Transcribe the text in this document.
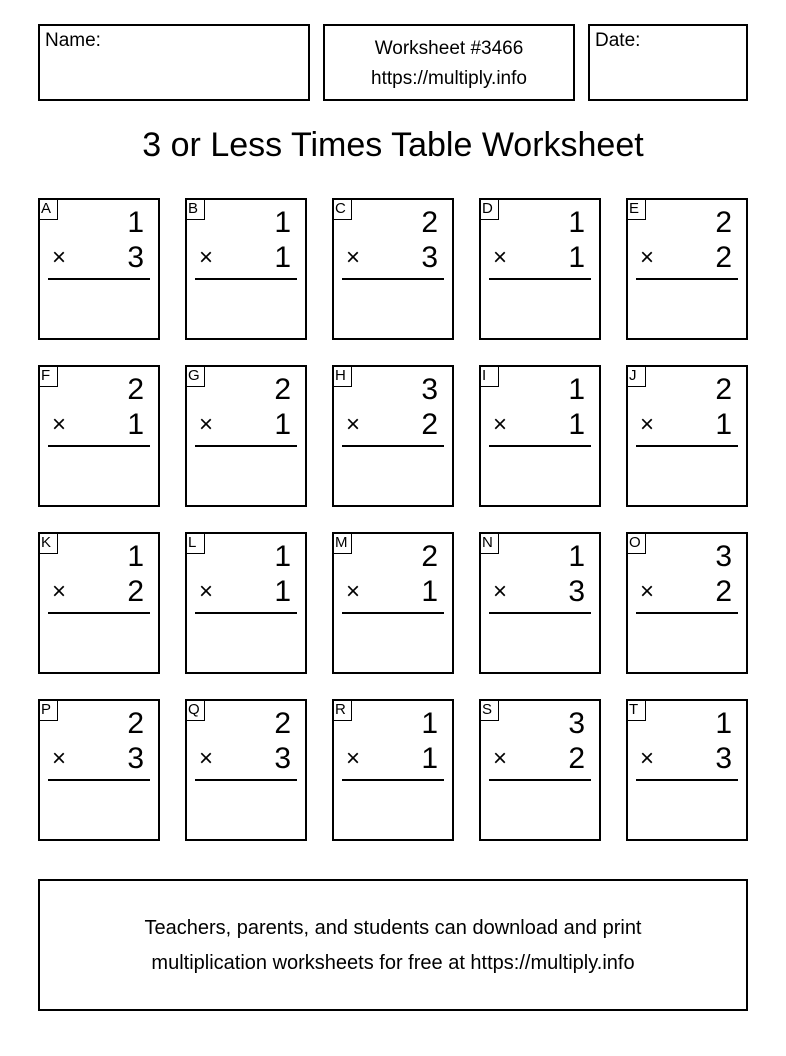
Name:	Worksheet #3466
https://multiply.info
Date:
3 or Less Times Table Worksheet
A	1
× 3
B	1
× 1
C	2
× 3
D	1
× 1
E	2
× 2
F	2
× 1
G 2
× 1
H	3
× 2
I	1
× 1
J	2
× 1
K	1
× 2
L	1
× 1
M 2
× 1
N	1
× 3
O 3
× 2
P	2
× 3
Q 2
× 3
R	1
× 1
S	3
× 2
T	1
× 3
Teachers, parents, and students can download and print
multiplication worksheets for free at https://multiply.info
